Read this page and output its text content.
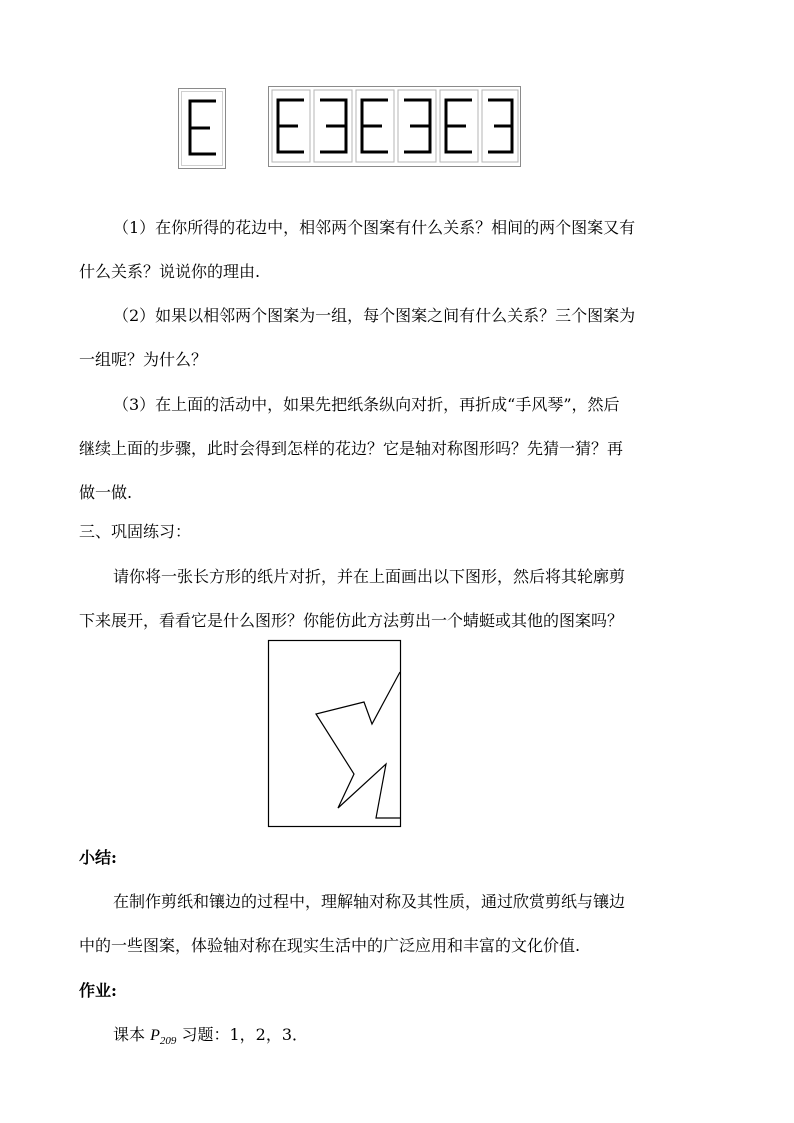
（1）在你所得的花边中，相邻两个图案有什么关系？相间的两个图案又有
什么关系？说说你的理由.
（2）如果以相邻两个图案为一组，每个图案之间有什么关系？三个图案为
一组呢？为什么？
（3）在上面的活动中，如果先把纸条纵向对折，再折成“手风琴”，然后
继续上面的步骤，此时会得到怎样的花边？它是轴对称图形吗？先猜一猜？再
做一做.
三、巩固练习：
请你将一张长方形的纸片对折，并在上面画出以下图形，然后将其轮廓剪
下来展开，看看它是什么图形？你能仿此方法剪出一个蜻蜓或其他的图案吗？
小结:
在制作剪纸和镶边的过程中，理解轴对称及其性质，通过欣赏剪纸与镶边
中的一些图案，体验轴对称在现实生活中的广泛应用和丰富的文化价值.
作业:
课本 $P_{209}$ 习题：1，2，3．
